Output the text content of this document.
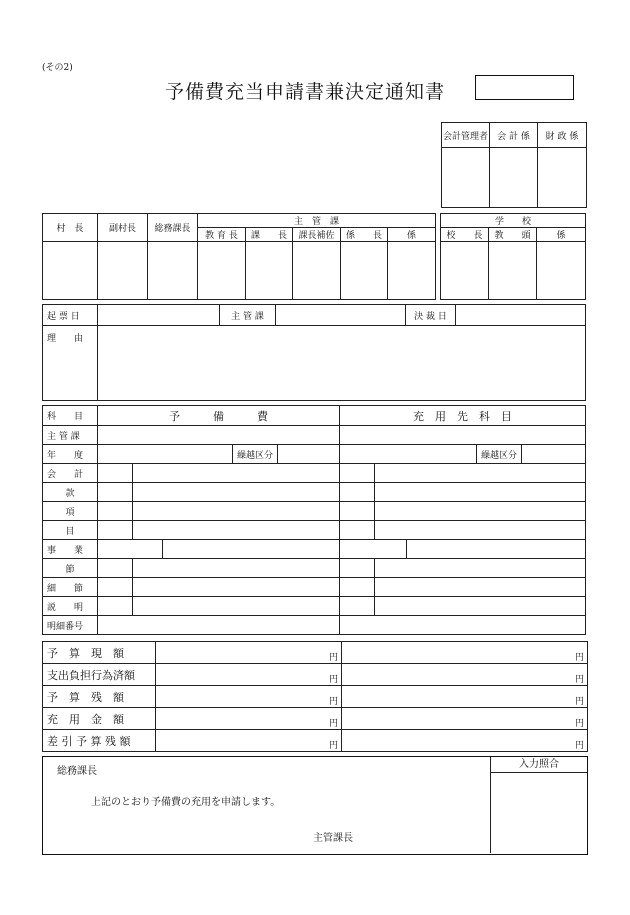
(その2)
予備費充当申請書兼決定通知書
会計管理者	会 計 係	財 政 係

村　長	副村長	総務課長	主　管　課				
			教 育 長	課　　長	課長補佐	係　　長	係

学　　校		
校　　長	教　　頭	係

起 票 日		主 管 課		決 裁 日	
理　　由					
科　　目	予　　　備　　　費					充　用　先　科　目				
主 管 課										
年　　度				繰越区分					繰越区分	
会　　計										
款										
項										
目										
事　　業										
節										
細　　節										
説　　明										
明細番号										
予　算　現　額	円	円
支出負担行為済額	円	円
予　算　残　額	円	円
充　用　金　額	円	円
差 引 予 算 残 額	円	円
総務課長
上記のとおり予備費の充用を申請します。
主管課長
入力照合
